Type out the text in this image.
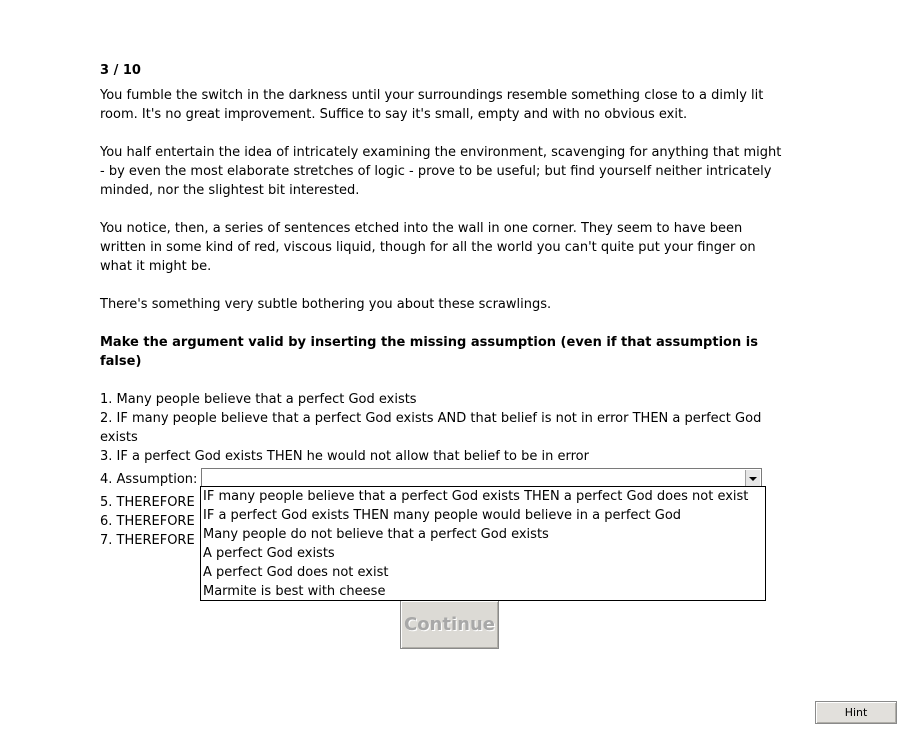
3 / 10

You fumble the switch in the darkness until your surroundings resemble something close to a dimly lit room. It's no great improvement. Suffice to say it's small, empty and with no obvious exit.

You half entertain the idea of intricately examining the environment, scavenging for anything that might - by even the most elaborate stretches of logic - prove to be useful; but find yourself neither intricately minded, nor the slightest bit interested.

You notice, then, a series of sentences etched into the wall in one corner. They seem to have been written in some kind of red, viscous liquid, though for all the world you can't quite put your finger on what it might be.

There's something very subtle bothering you about these scrawlings.

Make the argument valid by inserting the missing assumption (even if that assumption is false)

1. Many people believe that a perfect God exists

2. IF many people believe that a perfect God exists AND that belief is not in error THEN a perfect God exists

3. IF a perfect God exists THEN he would not allow that belief to be in error

4. Assumption:

5. THEREFORE

6. THEREFORE

7. THEREFORE

IF many people believe that a perfect God exists THEN a perfect God does not exist
IF a perfect God exists THEN many people would believe in a perfect God
Many people do not believe that a perfect God exists
A perfect God exists
A perfect God does not exist
Marmite is best with cheese
Continue
Hint
